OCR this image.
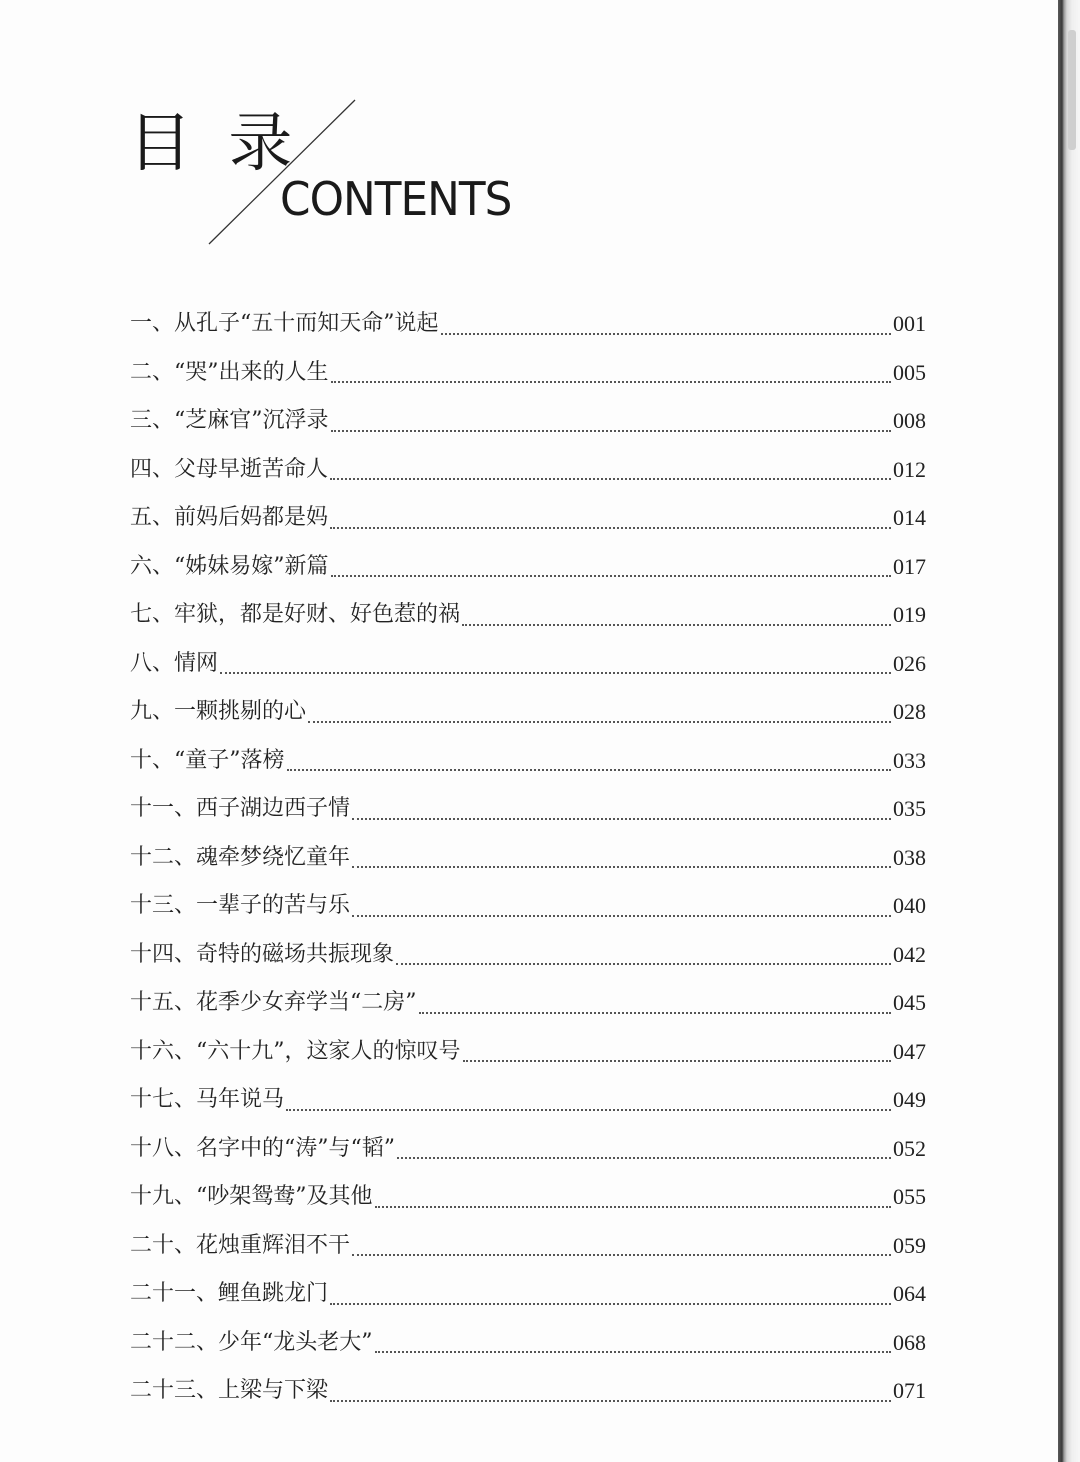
目 录
CONTENTS
一、从孔子“五十而知天命”说起	001
二、“哭”出来的人生	005
三、“芝麻官”沉浮录	008
四、父母早逝苦命人	012
五、前妈后妈都是妈	014
六、“姊妹易嫁”新篇	017
七、牢狱，都是好财、好色惹的祸	019
八、情网	026
九、一颗挑剔的心	028
十、“童子”落榜	033
十一、西子湖边西子情	035
十二、魂牵梦绕忆童年	038
十三、一辈子的苦与乐	040
十四、奇特的磁场共振现象	042
十五、花季少女弃学当“二房”	045
十六、“六十九”，这家人的惊叹号	047
十七、马年说马	049
十八、名字中的“涛”与“韬”	052
十九、“吵架鸳鸯”及其他	055
二十、花烛重辉泪不干	059
二十一、鲤鱼跳龙门	064
二十二、少年“龙头老大”	068
二十三、上梁与下梁	071
